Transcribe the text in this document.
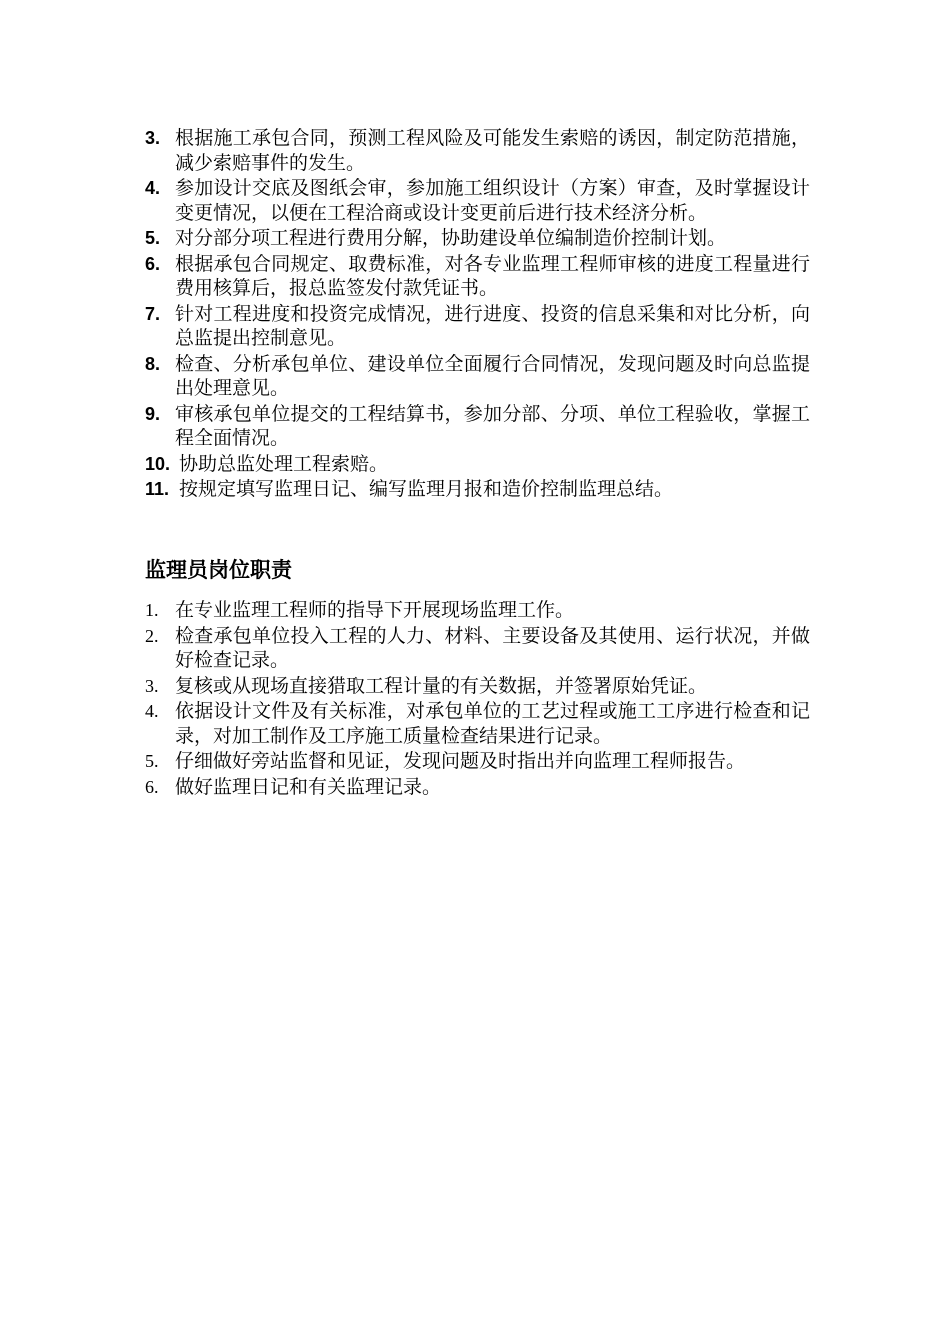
3. 根据施工承包合同，预测工程风险及可能发生索赔的诱因，制定防范措施，减少索赔事件的发生。
4. 参加设计交底及图纸会审，参加施工组织设计（方案）审查，及时掌握设计变更情况，以便在工程洽商或设计变更前后进行技术经济分析。
5. 对分部分项工程进行费用分解，协助建设单位编制造价控制计划。
6. 根据承包合同规定、取费标准，对各专业监理工程师审核的进度工程量进行费用核算后，报总监签发付款凭证书。
7. 针对工程进度和投资完成情况，进行进度、投资的信息采集和对比分析，向总监提出控制意见。
8. 检查、分析承包单位、建设单位全面履行合同情况，发现问题及时向总监提出处理意见。
9. 审核承包单位提交的工程结算书，参加分部、分项、单位工程验收，掌握工程全面情况。
10. 协助总监处理工程索赔。
11. 按规定填写监理日记、编写监理月报和造价控制监理总结。
监理员岗位职责
1. 在专业监理工程师的指导下开展现场监理工作。
2. 检查承包单位投入工程的人力、材料、主要设备及其使用、运行状况，并做好检查记录。
3. 复核或从现场直接猎取工程计量的有关数据，并签署原始凭证。
4. 依据设计文件及有关标准，对承包单位的工艺过程或施工工序进行检查和记录，对加工制作及工序施工质量检查结果进行记录。
5. 仔细做好旁站监督和见证，发现问题及时指出并向监理工程师报告。
6. 做好监理日记和有关监理记录。
